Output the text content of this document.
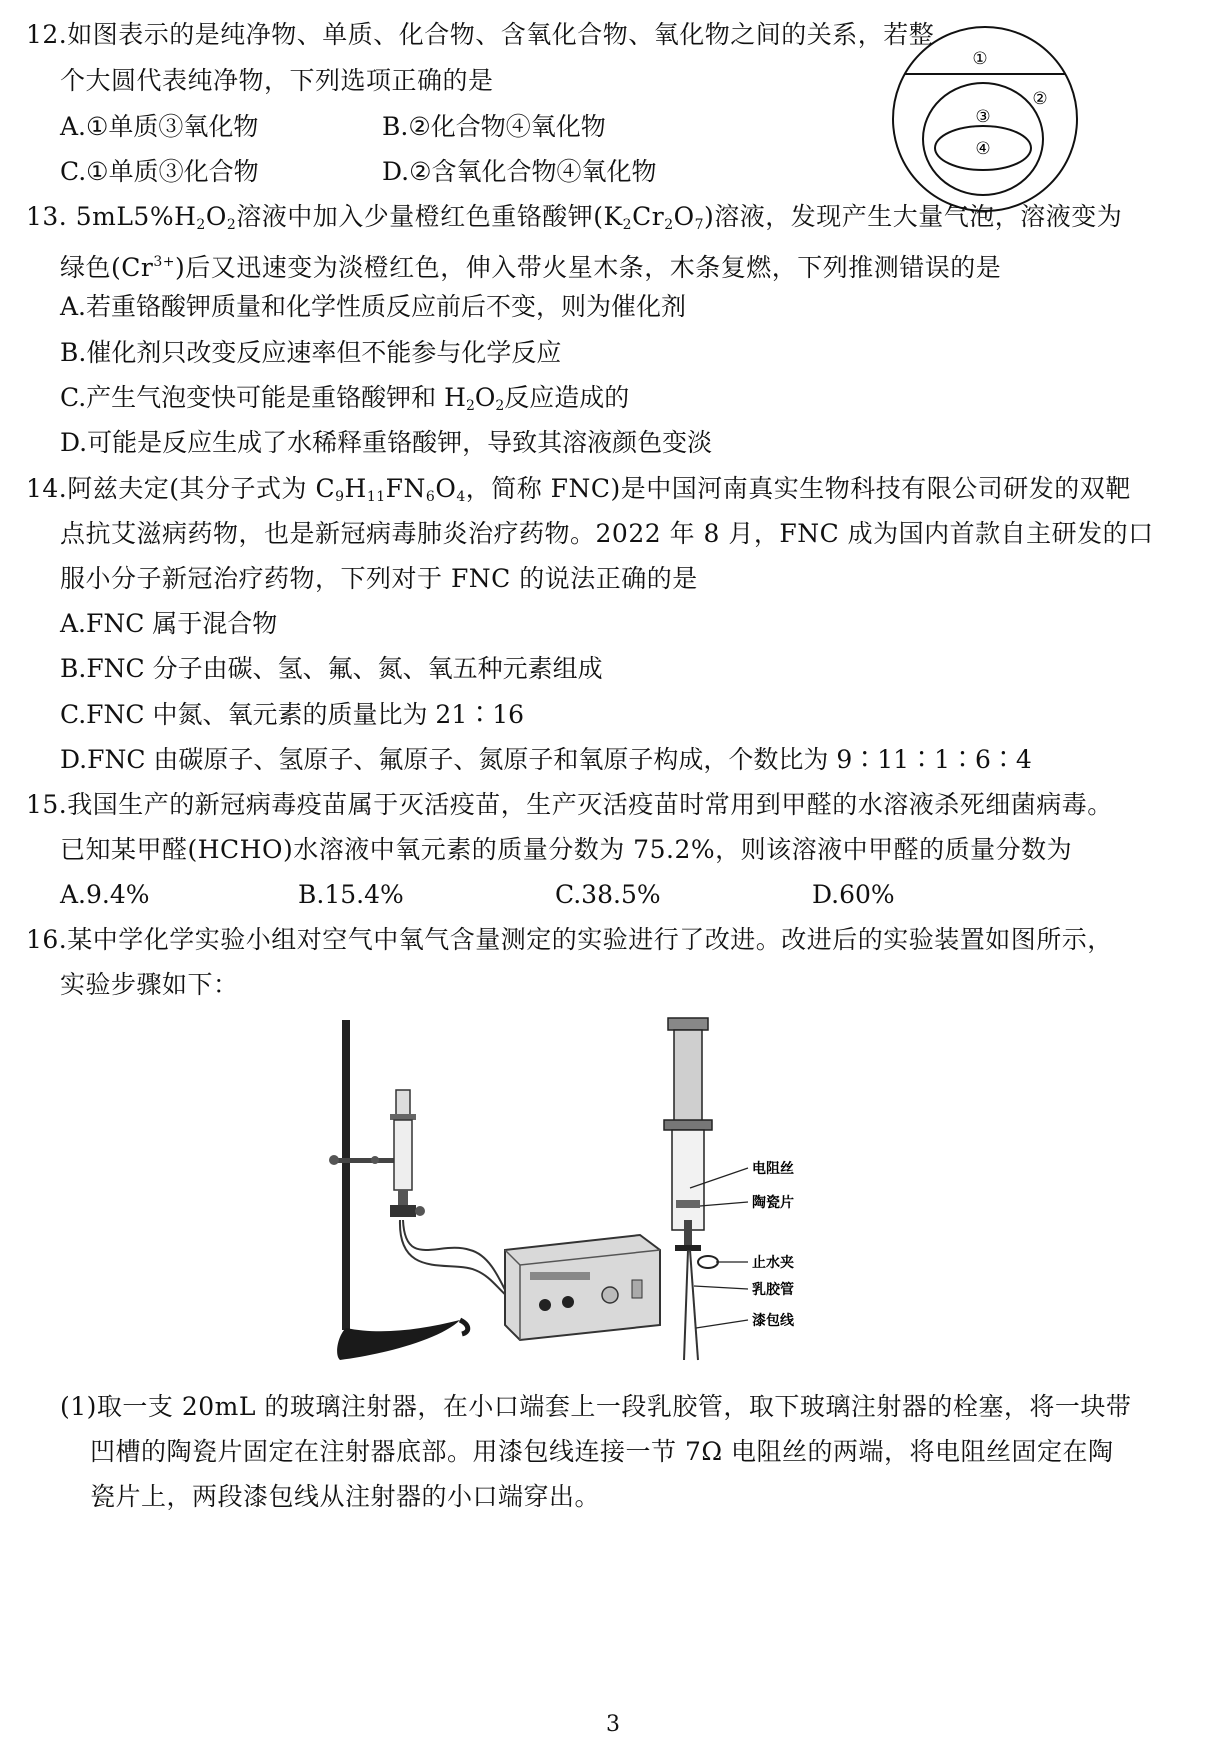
12.如图表示的是纯净物、单质、化合物、含氧化合物、氧化物之间的关系，若整
个大圆代表纯净物，下列选项正确的是
A.①单质③氧化物	B.②化合物④氧化物
C.①单质③化合物	D.②含氧化合物④氧化物
①
②
③
④
13. $5mL5\%H_2O_2$溶液中加入少量橙红色重铬酸钾$(K_2Cr_2O_7)$溶液，发现产生大量气泡，溶液变为
绿色$(Cr^{3+})$后又迅速变为淡橙红色，伸入带火星木条，木条复燃，下列推测错误的是
A.若重铬酸钾质量和化学性质反应前后不变，则为催化剂
B.催化剂只改变反应速率但不能参与化学反应
C.产生气泡变快可能是重铬酸钾和 $H_2O_2$反应造成的
D.可能是反应生成了水稀释重铬酸钾，导致其溶液颜色变淡
14.阿兹夫定(其分子式为 $C_9H_{11}FN_6O_4$，简称 FNC)是中国河南真实生物科技有限公司研发的双靶
点抗艾滋病药物，也是新冠病毒肺炎治疗药物。2022 年 8 月，FNC 成为国内首款自主研发的口
服小分子新冠治疗药物，下列对于 FNC 的说法正确的是
A.FNC 属于混合物
B.FNC 分子由碳、氢、氟、氮、氧五种元素组成
C.FNC 中氮、氧元素的质量比为 21∶16
D.FNC 由碳原子、氢原子、氟原子、氮原子和氧原子构成，个数比为 9∶11∶1∶6∶4
15.我国生产的新冠病毒疫苗属于灭活疫苗，生产灭活疫苗时常用到甲醛的水溶液杀死细菌病毒。
已知某甲醛(HCHO)水溶液中氧元素的质量分数为 75.2%，则该溶液中甲醛的质量分数为
A.9.4%	B.15.4%	C.38.5%	D.60%
16.某中学化学实验小组对空气中氧气含量测定的实验进行了改进。改进后的实验装置如图所示，
实验步骤如下：
电阻丝
陶瓷片
止水夹
乳胶管
漆包线
(1)取一支 20mL 的玻璃注射器，在小口端套上一段乳胶管，取下玻璃注射器的栓塞，将一块带
凹槽的陶瓷片固定在注射器底部。用漆包线连接一节 7Ω 电阻丝的两端，将电阻丝固定在陶
瓷片上，两段漆包线从注射器的小口端穿出。
3
